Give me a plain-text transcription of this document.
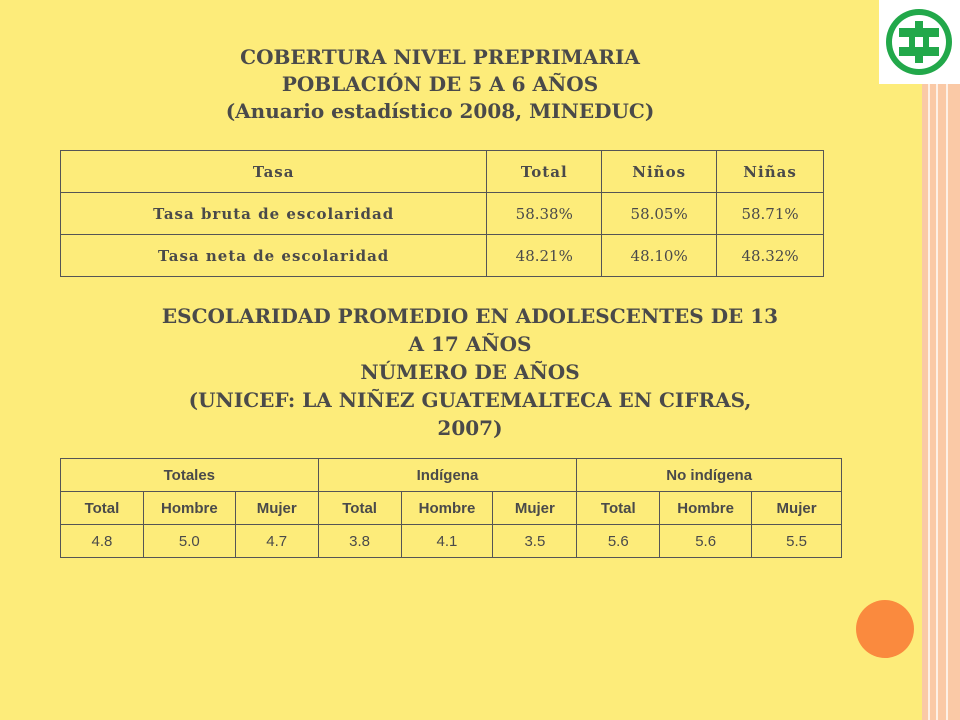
COBERTURA NIVEL PREPRIMARIA
POBLACIÓN DE 5 A 6 AÑOS
(Anuario estadístico 2008, MINEDUC)
Tasa	Total	Niños	Niñas
Tasa bruta de escolaridad	58.38%	58.05%	58.71%
Tasa neta de escolaridad	48.21%	48.10%	48.32%
ESCOLARIDAD PROMEDIO EN ADOLESCENTES DE 13
A 17 AÑOS
NÚMERO DE AÑOS
(UNICEF: LA NIÑEZ GUATEMALTECA EN CIFRAS,
2007)
Totales			Indígena			No indígena		
Total	Hombre	Mujer	Total	Hombre	Mujer	Total	Hombre	Mujer
4.8	5.0	4.7	3.8	4.1	3.5	5.6	5.6	5.5
